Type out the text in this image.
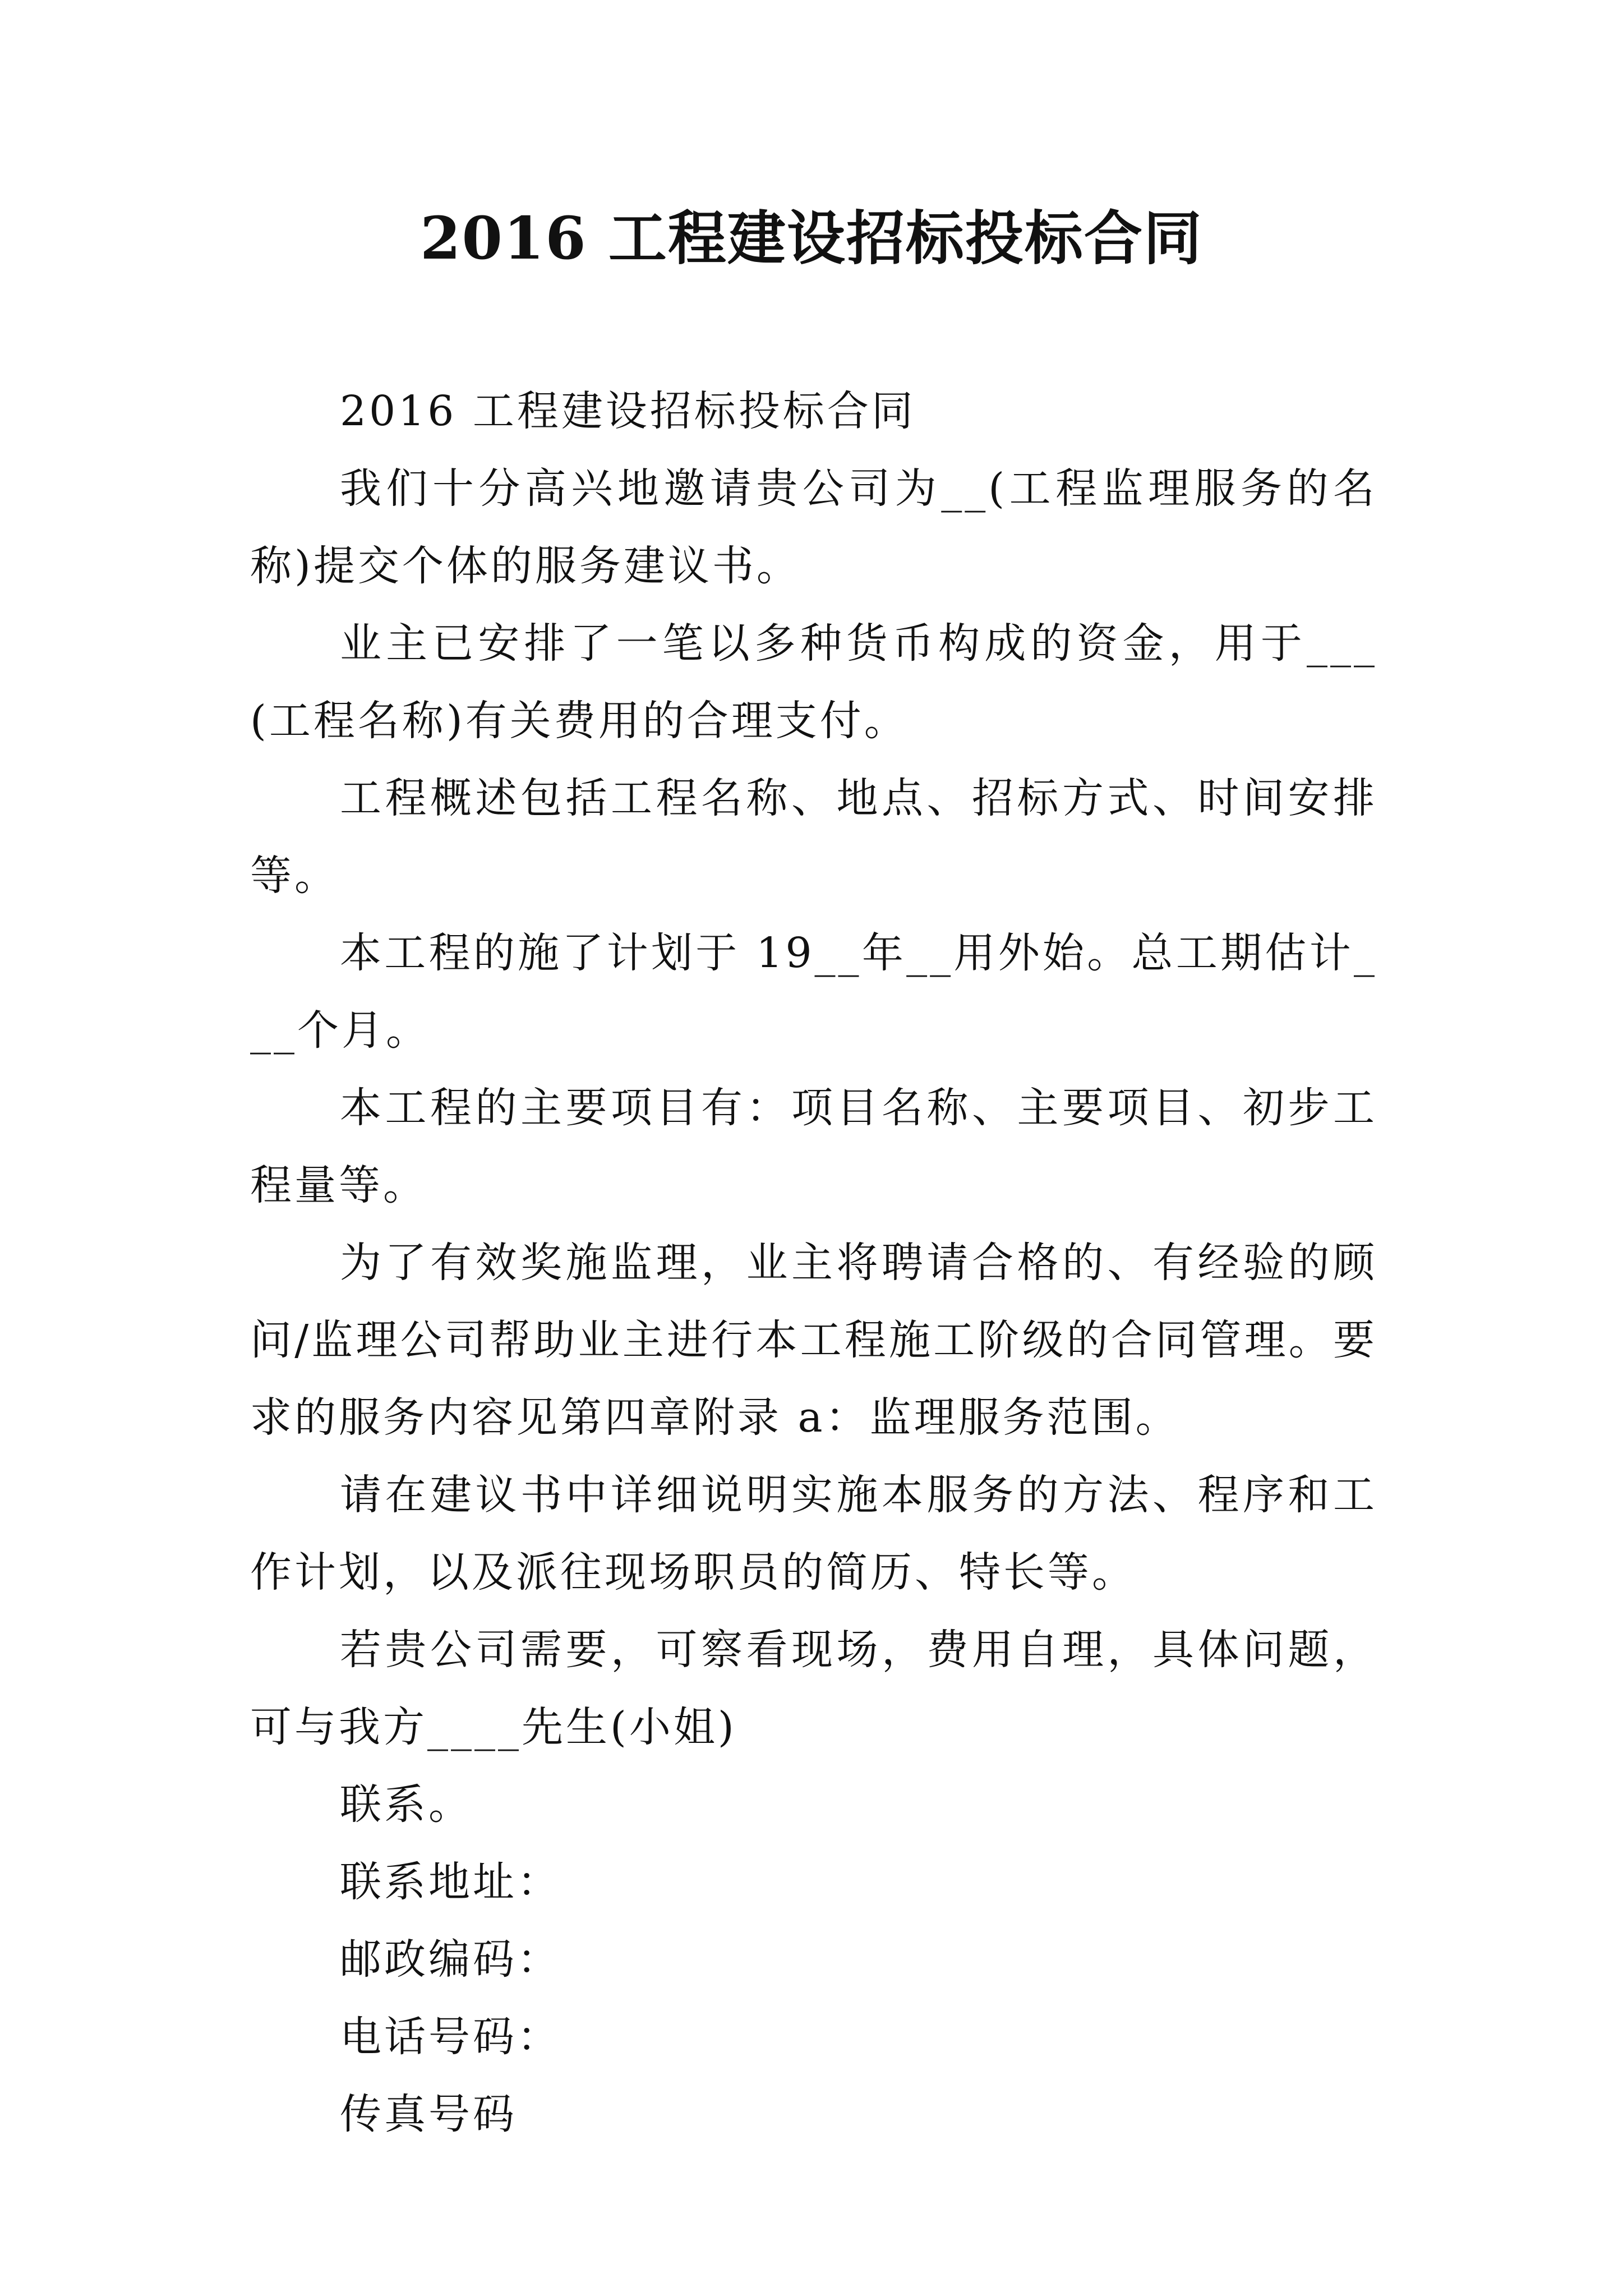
2016 工程建设招标投标合同

2016 工程建设招标投标合同

我们十分高兴地邀请贵公司为__(工程监理服务的名称)提交个体的服务建议书。

业主已安排了一笔以多种货币构成的资金，用于___(工程名称)有关费用的合理支付。

工程概述包括工程名称、地点、招标方式、时间安排等。

本工程的施了计划于 19__年__用外始。总工期估计___个月。

本工程的主要项目有：项目名称、主要项目、初步工程量等。

为了有效奖施监理，业主将聘请合格的、有经验的顾问/监理公司帮助业主进行本工程施工阶级的合同管理。要求的服务内容见第四章附录 a：监理服务范围。

请在建议书中详细说明实施本服务的方法、程序和工作计划，以及派往现场职员的简历、特长等。

若贵公司需要，可察看现场，费用自理，具体问题，可与我方____先生(小姐)

联系。

联系地址：

邮政编码：

电话号码：

传真号码
